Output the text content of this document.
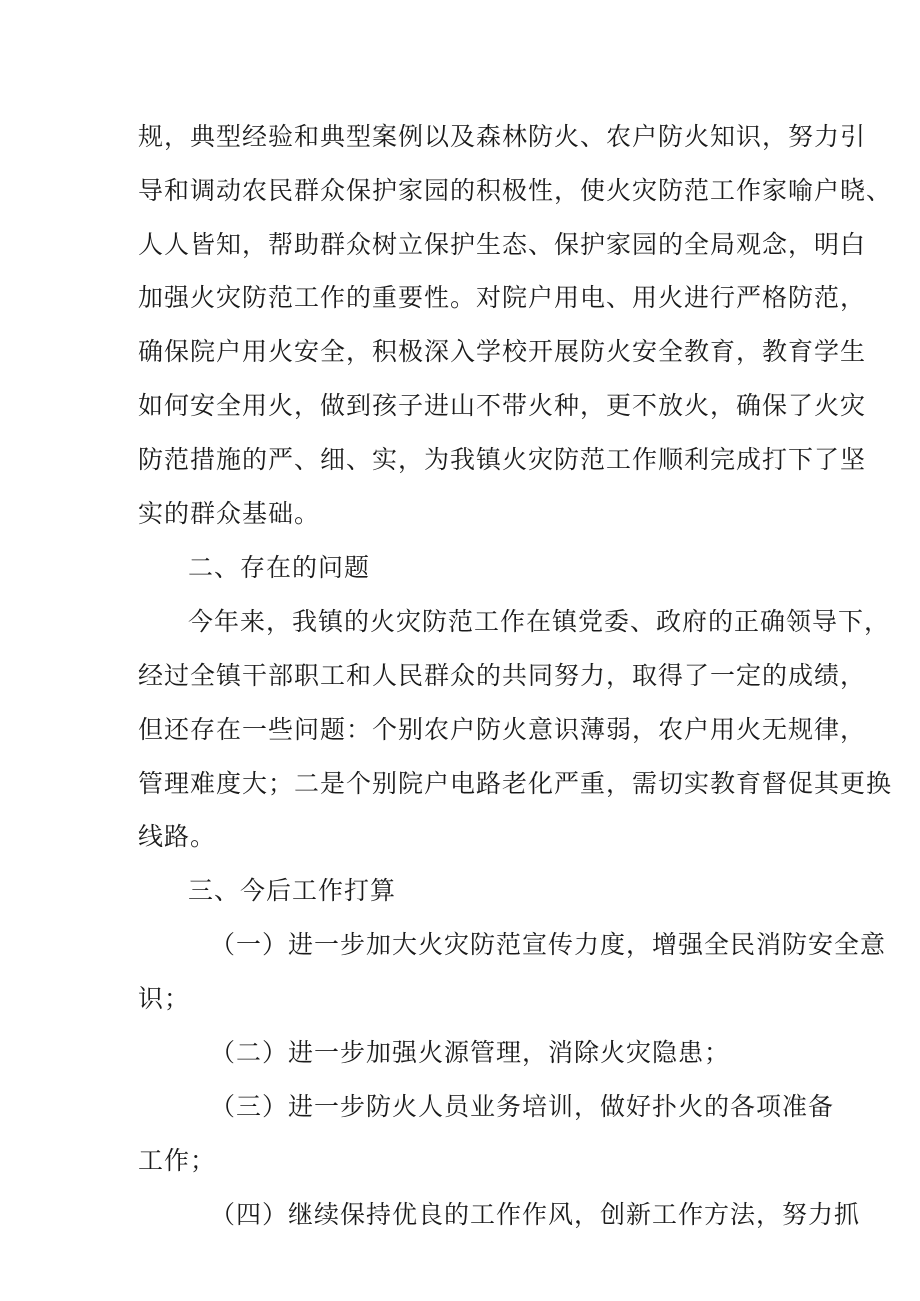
规，典型经验和典型案例以及森林防火、农户防火知识，努力引
导和调动农民群众保护家园的积极性，使火灾防范工作家喻户晓、
人人皆知，帮助群众树立保护生态、保护家园的全局观念，明白
加强火灾防范工作的重要性。对院户用电、用火进行严格防范，
确保院户用火安全，积极深入学校开展防火安全教育，教育学生
如何安全用火，做到孩子进山不带火种，更不放火，确保了火灾
防范措施的严、细、实，为我镇火灾防范工作顺利完成打下了坚
实的群众基础。
二、存在的问题
今年来，我镇的火灾防范工作在镇党委、政府的正确领导下，
经过全镇干部职工和人民群众的共同努力，取得了一定的成绩，
但还存在一些问题：个别农户防火意识薄弱，农户用火无规律，
管理难度大；二是个别院户电路老化严重，需切实教育督促其更换
线路。
三、今后工作打算
（一）进一步加大火灾防范宣传力度，增强全民消防安全意
识；
（二）进一步加强火源管理，消除火灾隐患；
（三）进一步防火人员业务培训，做好扑火的各项准备
工作；
（四）继续保持优良的工作作风，创新工作方法，努力抓
